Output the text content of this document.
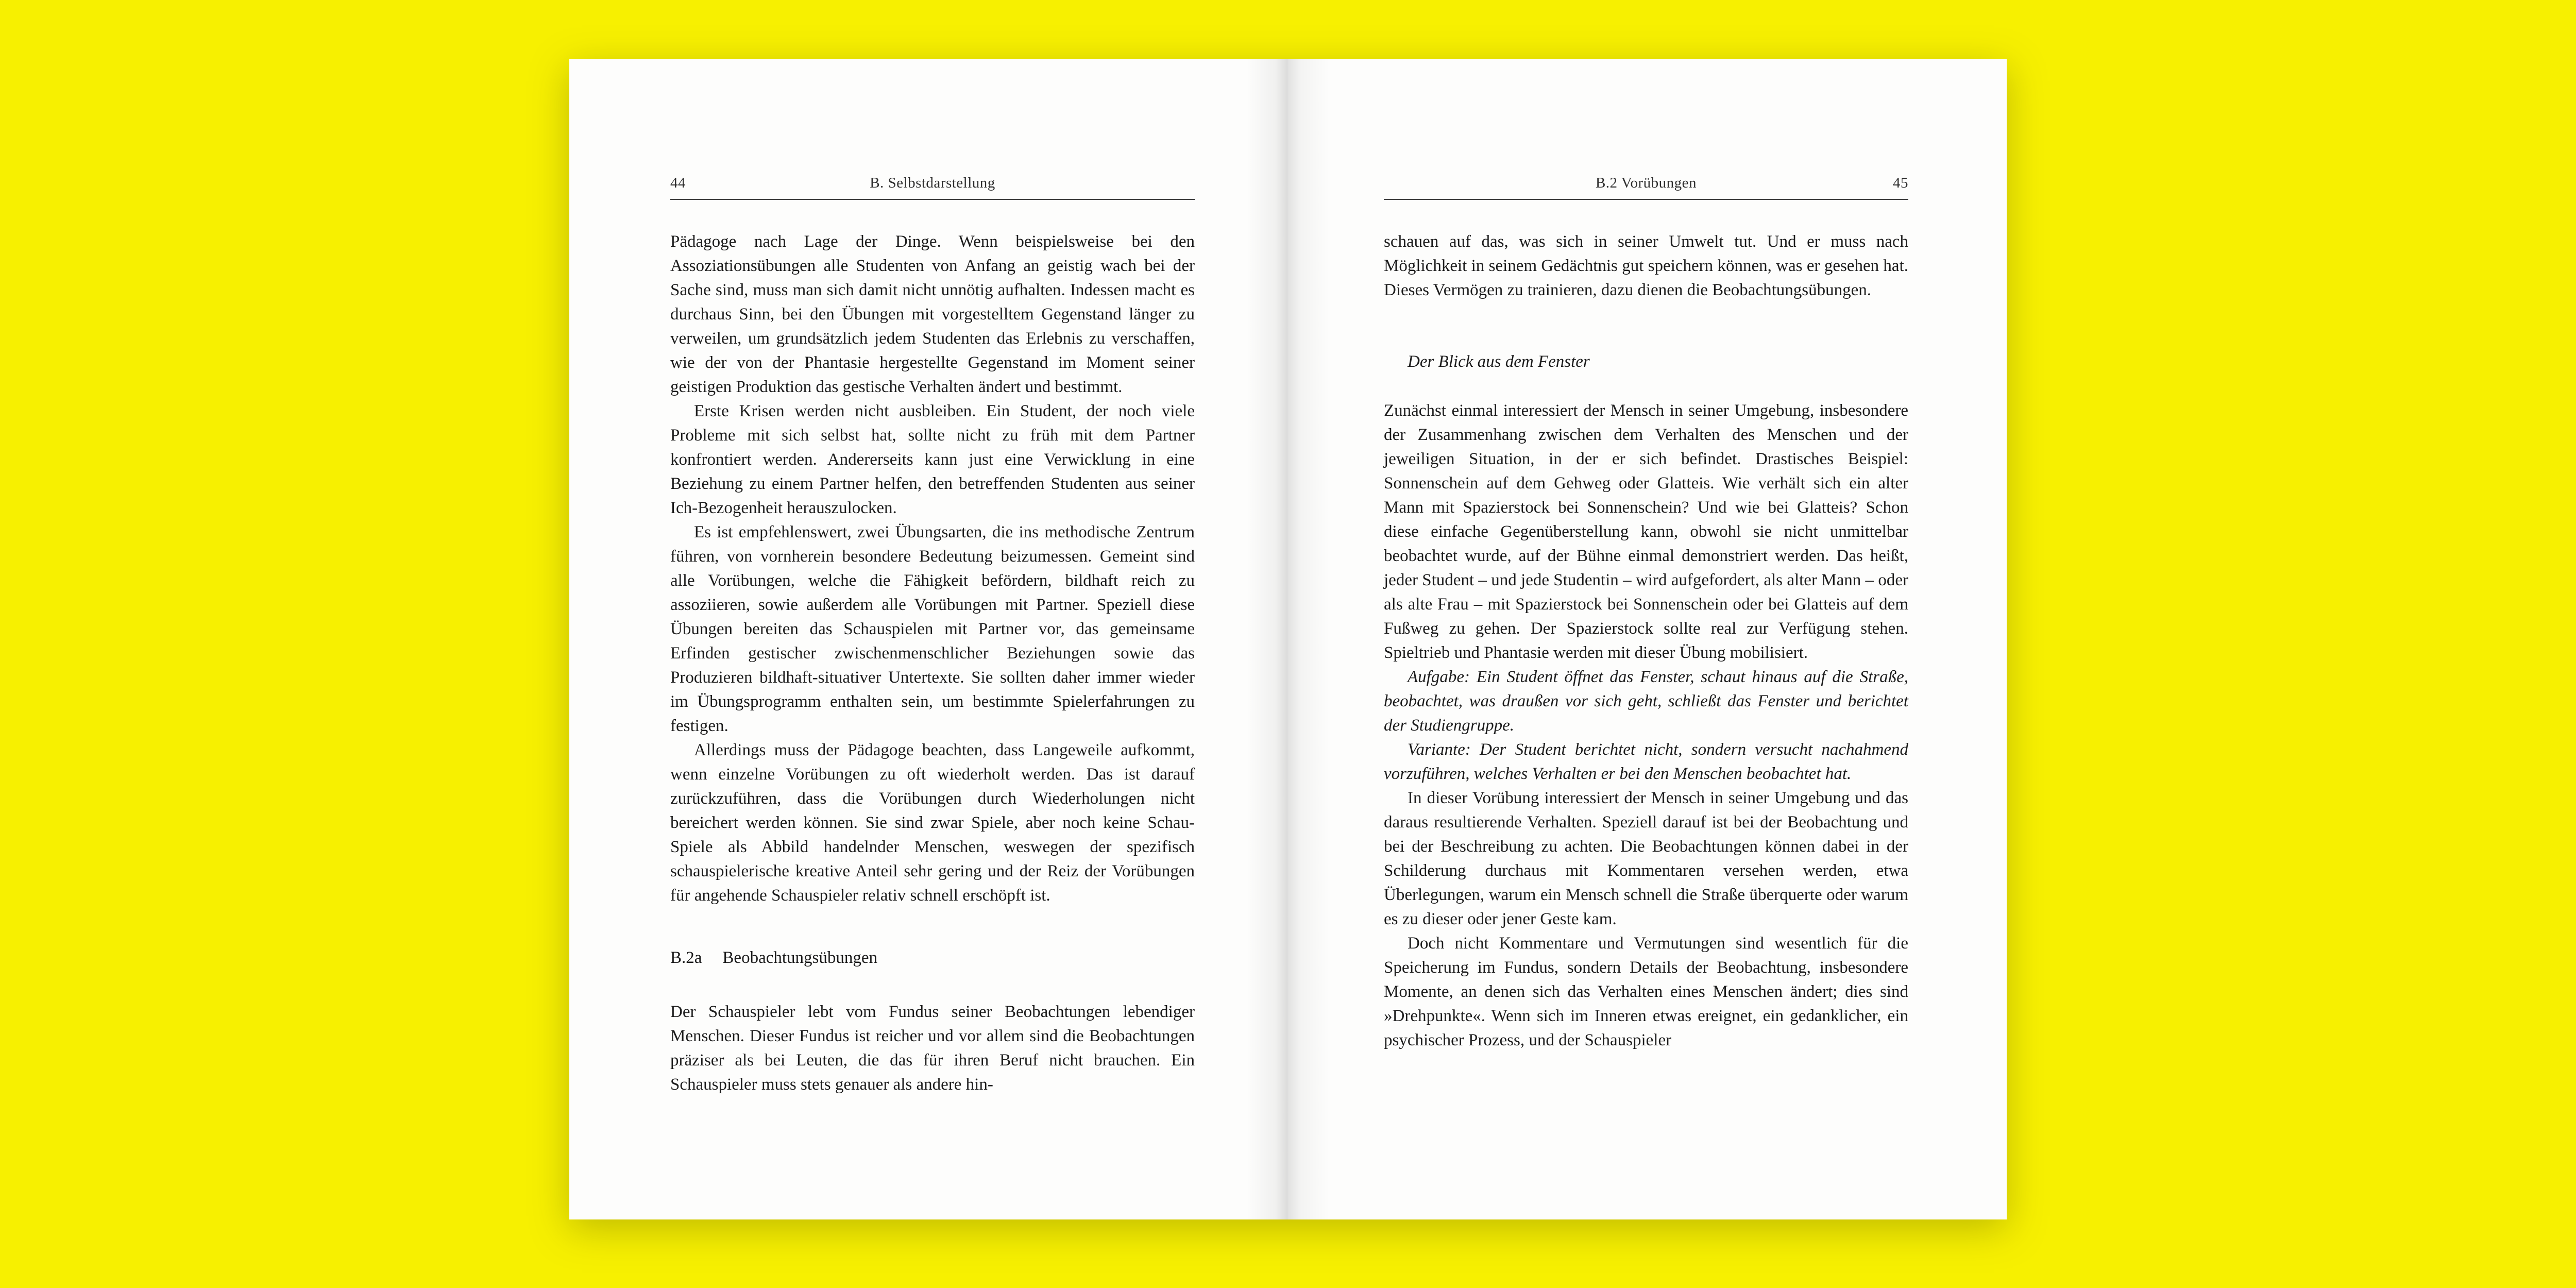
44	B. Selbstdarstellung

Pädagoge nach Lage der Dinge. Wenn beispielsweise bei den Assoziationsübungen alle Studenten von Anfang an geistig wach bei der Sache sind, muss man sich damit nicht unnötig aufhalten. Indessen macht es durchaus Sinn, bei den Übungen mit vorgestelltem Gegenstand länger zu verweilen, um grundsätzlich jedem Studenten das Erlebnis zu verschaffen, wie der von der Phantasie hergestellte Gegenstand im Moment seiner geistigen Produktion das gestische Verhalten ändert und bestimmt.

Erste Krisen werden nicht ausbleiben. Ein Student, der noch viele Probleme mit sich selbst hat, sollte nicht zu früh mit dem Partner konfrontiert werden. Andererseits kann just eine Verwicklung in eine Beziehung zu einem Partner helfen, den betreffenden Studenten aus seiner Ich-Bezogenheit herauszulocken.

Es ist empfehlenswert, zwei Übungsarten, die ins methodische Zentrum führen, von vornherein besondere Bedeutung beizumessen. Gemeint sind alle Vorübungen, welche die Fähigkeit befördern, bildhaft reich zu assoziieren, sowie außerdem alle Vorübungen mit Partner. Speziell diese Übungen bereiten das Schauspielen mit Partner vor, das gemeinsame Erfinden gestischer zwischenmenschlicher Beziehungen sowie das Produzieren bildhaft-situativer Untertexte. Sie sollten daher immer wieder im Übungsprogramm enthalten sein, um bestimmte Spielerfahrungen zu festigen.

Allerdings muss der Pädagoge beachten, dass Langeweile aufkommt, wenn einzelne Vorübungen zu oft wiederholt werden. Das ist darauf zurückzuführen, dass die Vorübungen durch Wiederholungen nicht bereichert werden können. Sie sind zwar Spiele, aber noch keine Schau-Spiele als Abbild handelnder Menschen, weswegen der spezifisch schauspielerische kreative Anteil sehr gering und der Reiz der Vorübungen für angehende Schauspieler relativ schnell erschöpft ist.

B.2a Beobachtungsübungen

Der Schauspieler lebt vom Fundus seiner Beobachtungen lebendiger Menschen. Dieser Fundus ist reicher und vor allem sind die Beobachtungen präziser als bei Leuten, die das für ihren Beruf nicht brauchen. Ein Schauspieler muss stets genauer als andere hin-

B.2 Vorübungen	45

schauen auf das, was sich in seiner Umwelt tut. Und er muss nach Möglichkeit in seinem Gedächtnis gut speichern können, was er gesehen hat. Dieses Vermögen zu trainieren, dazu dienen die Beobachtungsübungen.

Der Blick aus dem Fenster

Zunächst einmal interessiert der Mensch in seiner Umgebung, insbesondere der Zusammenhang zwischen dem Verhalten des Menschen und der jeweiligen Situation, in der er sich befindet. Drastisches Beispiel: Sonnenschein auf dem Gehweg oder Glatteis. Wie verhält sich ein alter Mann mit Spazierstock bei Sonnenschein? Und wie bei Glatteis? Schon diese einfache Gegenüberstellung kann, obwohl sie nicht unmittelbar beobachtet wurde, auf der Bühne einmal demonstriert werden. Das heißt, jeder Student – und jede Studentin – wird aufgefordert, als alter Mann – oder als alte Frau – mit Spazierstock bei Sonnenschein oder bei Glatteis auf dem Fußweg zu gehen. Der Spazierstock sollte real zur Verfügung stehen. Spieltrieb und Phantasie werden mit dieser Übung mobilisiert.

Aufgabe: Ein Student öffnet das Fenster, schaut hinaus auf die Straße, beobachtet, was draußen vor sich geht, schließt das Fenster und berichtet der Studiengruppe.

Variante: Der Student berichtet nicht, sondern versucht nachahmend vorzuführen, welches Verhalten er bei den Menschen beobachtet hat.

In dieser Vorübung interessiert der Mensch in seiner Umgebung und das daraus resultierende Verhalten. Speziell darauf ist bei der Beobachtung und bei der Beschreibung zu achten. Die Beobachtungen können dabei in der Schilderung durchaus mit Kommentaren versehen werden, etwa Überlegungen, warum ein Mensch schnell die Straße überquerte oder warum es zu dieser oder jener Geste kam.

Doch nicht Kommentare und Vermutungen sind wesentlich für die Speicherung im Fundus, sondern Details der Beobachtung, insbesondere Momente, an denen sich das Verhalten eines Menschen ändert; dies sind »Drehpunkte«. Wenn sich im Inneren etwas ereignet, ein gedanklicher, ein psychischer Prozess, und der Schauspieler
